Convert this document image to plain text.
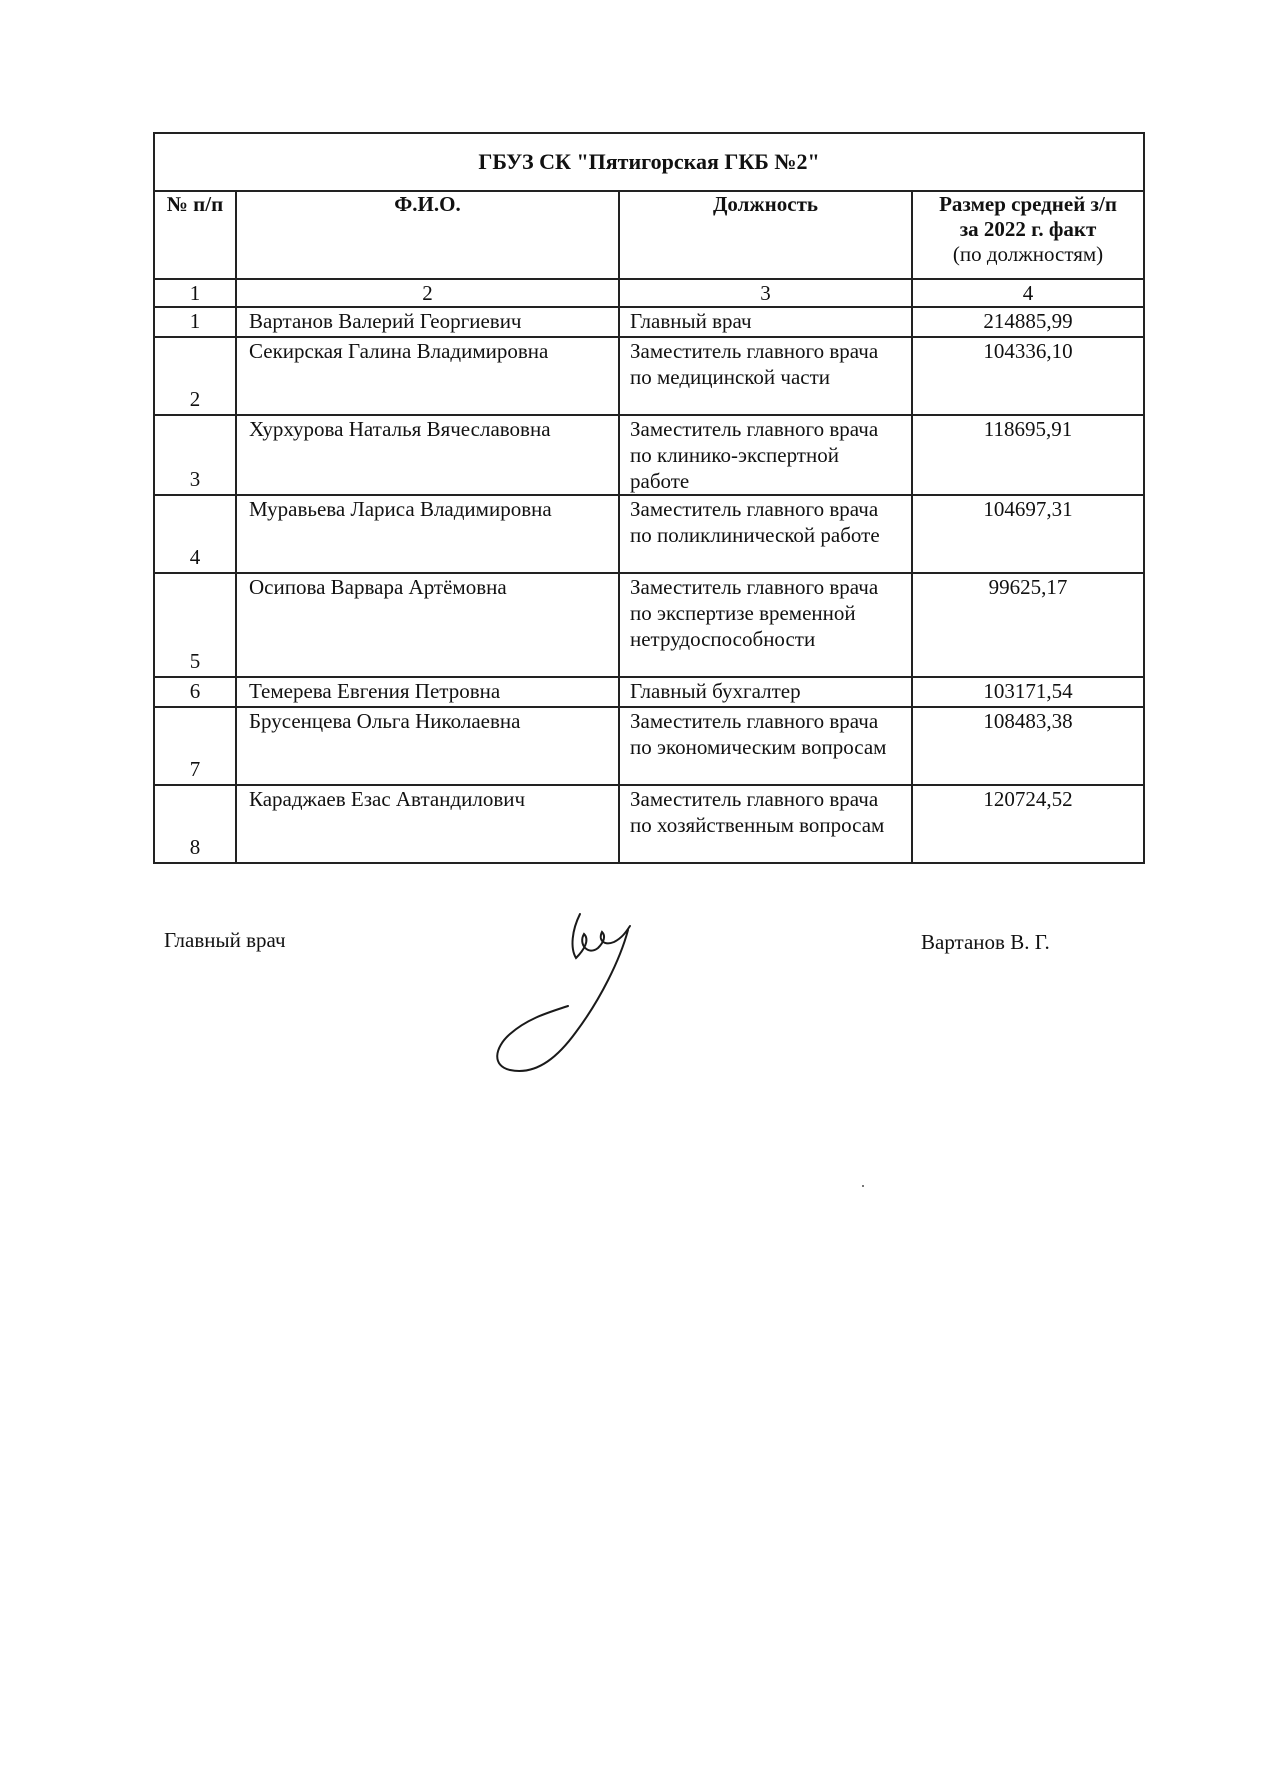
ГБУЗ СК "Пятигорская ГКБ №2"			
№ п/п	Ф.И.О.	Должность	Размер средней з/п
за 2022 г. факт
(по должностям)

1	2	3	4
1	Вартанов Валерий Георгиевич	Главный врач	214885,99
2	Секирская Галина Владимировна	Заместитель главного врача по медицинской части	104336,10
3	Хурхурова Наталья Вячеславовна	Заместитель главного врача по клинико-экспертной работе	118695,91
4	Муравьева Лариса Владимировна	Заместитель главного врача по поликлинической работе	104697,31
5	Осипова Варвара Артёмовна	Заместитель главного врача по экспертизе временной нетрудоспособности	99625,17
6	Темерева Евгения Петровна	Главный бухгалтер	103171,54
7	Брусенцева Ольга Николаевна	Заместитель главного врача по экономическим вопросам	108483,38
8	Караджаев Езас Автандилович	Заместитель главного врача по хозяйственным вопросам	120724,52
Главный врач	Вартанов В. Г.
